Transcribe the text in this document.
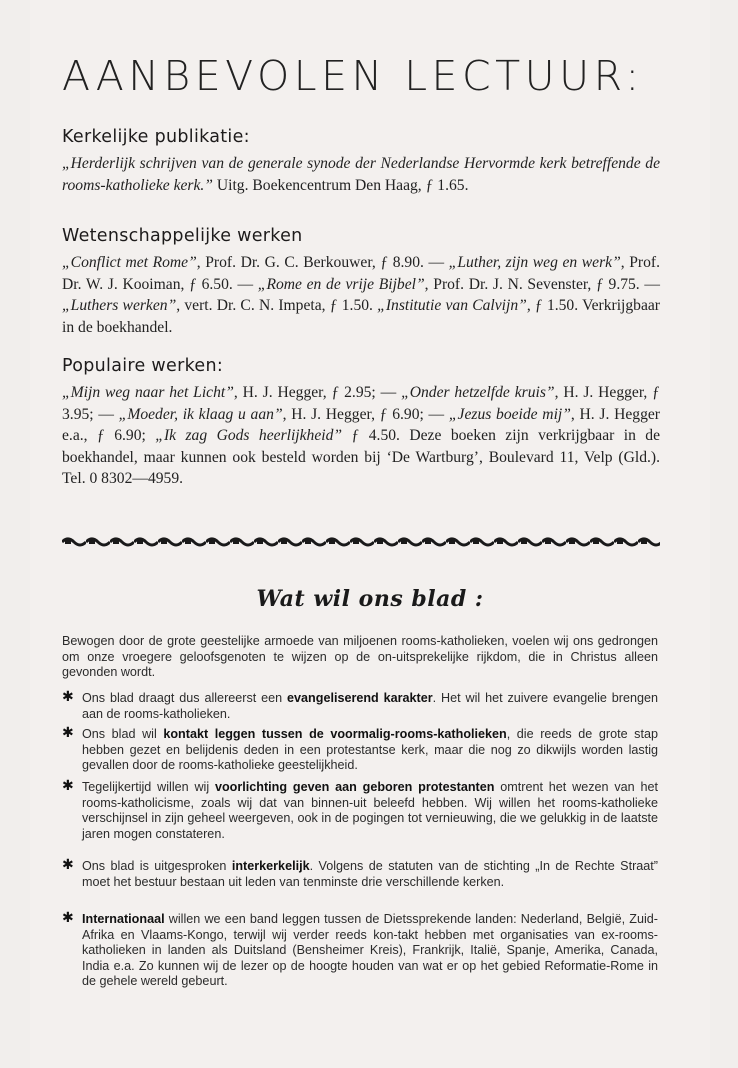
AANBEVOLEN LECTUUR:
Kerkelijke publikatie:
„Herderlijk schrijven van de generale synode der Nederlandse Hervormde kerk betreffende de rooms-katholieke kerk.” Uitg. Boekencentrum Den Haag, ƒ 1.65.
Wetenschappelijke werken
„Conflict met Rome”, Prof. Dr. G. C. Berkouwer, ƒ 8.90. — „Luther, zijn weg en werk”, Prof. Dr. W. J. Kooiman, ƒ 6.50. — „Rome en de vrije Bijbel”, Prof. Dr. J. N. Sevenster, ƒ 9.75. — „Luthers werken”, vert. Dr. C. N. Impeta, ƒ 1.50. „Institutie van Calvijn”, ƒ 1.50. Verkrijgbaar in de boekhandel.
Populaire werken:
„Mijn weg naar het Licht”, H. J. Hegger, ƒ 2.95; — „Onder hetzelfde kruis”, H. J. Hegger, ƒ 3.95; — „Moeder, ik klaag u aan”, H. J. Hegger, ƒ 6.90; — „Jezus boeide mij”, H. J. Hegger e.a., ƒ 6.90; „Ik zag Gods heerlijkheid” ƒ 4.50. Deze boeken zijn verkrijgbaar in de boekhandel, maar kunnen ook besteld worden bij ‘De Wartburg’, Boulevard 11, Velp (Gld.). Tel. 0 8302—4959.
Wat wil ons blad :
Bewogen door de grote geestelijke armoede van miljoenen rooms-katholieken, voelen wij ons gedrongen om onze vroegere geloofsgenoten te wijzen op de on-uitsprekelijke rijkdom, die in Christus alleen gevonden wordt.
✱ Ons blad draagt dus allereerst een evangeliserend karakter. Het wil het zuivere evangelie brengen aan de rooms-katholieken.
✱ Ons blad wil kontakt leggen tussen de voormalig-rooms-katholieken, die reeds de grote stap hebben gezet en belijdenis deden in een protestantse kerk, maar die nog zo dikwijls worden lastig gevallen door de rooms-katholieke geestelijkheid.
✱ Tegelijkertijd willen wij voorlichting geven aan geboren protestanten omtrent het wezen van het rooms-katholicisme, zoals wij dat van binnen-uit beleefd hebben. Wij willen het rooms-katholieke verschijnsel in zijn geheel weergeven, ook in de pogingen tot vernieuwing, die we gelukkig in de laatste jaren mogen constateren.
✱ Ons blad is uitgesproken interkerkelijk. Volgens de statuten van de stichting „In de Rechte Straat” moet het bestuur bestaan uit leden van tenminste drie verschillende kerken.
✱ Internationaal willen we een band leggen tussen de Dietssprekende landen: Nederland, België, Zuid-Afrika en Vlaams-Kongo, terwijl wij verder reeds kon-takt hebben met organisaties van ex-rooms-katholieken in landen als Duitsland (Bensheimer Kreis), Frankrijk, Italië, Spanje, Amerika, Canada, India e.a. Zo kunnen wij de lezer op de hoogte houden van wat er op het gebied Reformatie-Rome in de gehele wereld gebeurt.
